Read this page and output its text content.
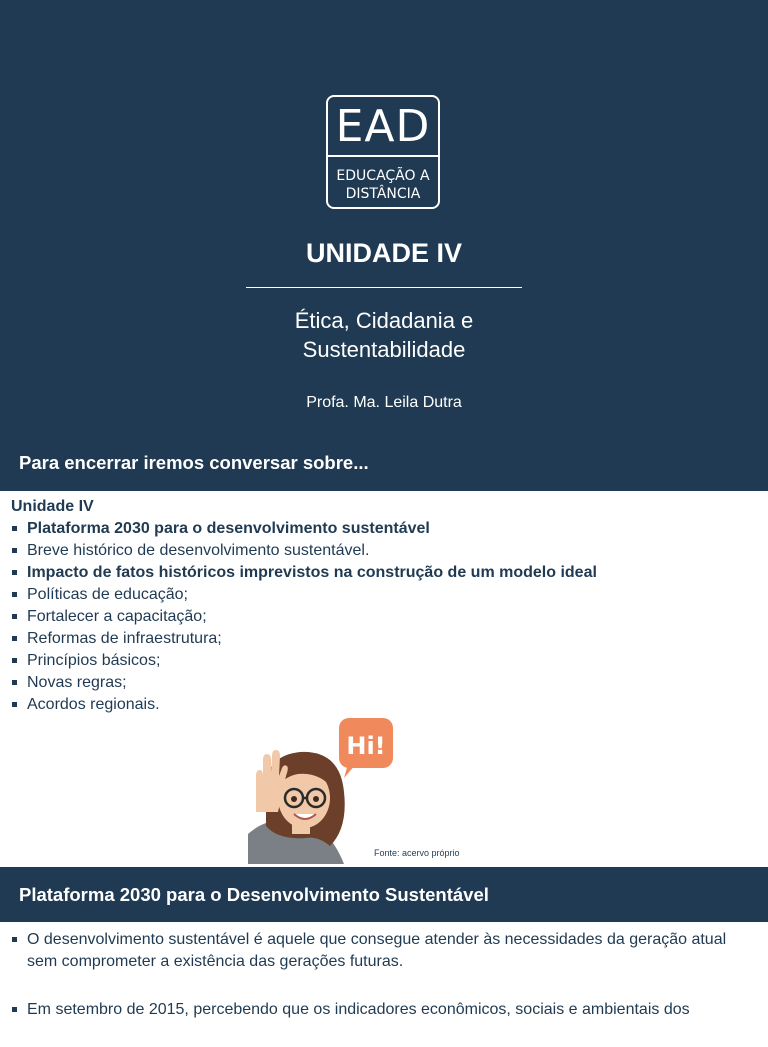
EAD
EDUCAÇÃO A
DISTÂNCIA
UNIDADE IV
Ética, Cidadania e
Sustentabilidade
Profa. Ma. Leila Dutra
Para encerrar iremos conversar sobre...
Unidade IV
Plataforma 2030 para o desenvolvimento sustentável
Breve histórico de desenvolvimento sustentável.
Impacto de fatos históricos imprevistos na construção de um modelo ideal
Políticas de educação;
Fortalecer a capacitação;
Reformas de infraestrutura;
Princípios básicos;
Novas regras;
Acordos regionais.
Hi!
Fonte: acervo próprio
Plataforma 2030 para o Desenvolvimento Sustentável
O desenvolvimento sustentável é aquele que consegue atender às necessidades da geração atual sem comprometer a existência das gerações futuras.
Em setembro de 2015, percebendo que os indicadores econômicos, sociais e ambientais dos
